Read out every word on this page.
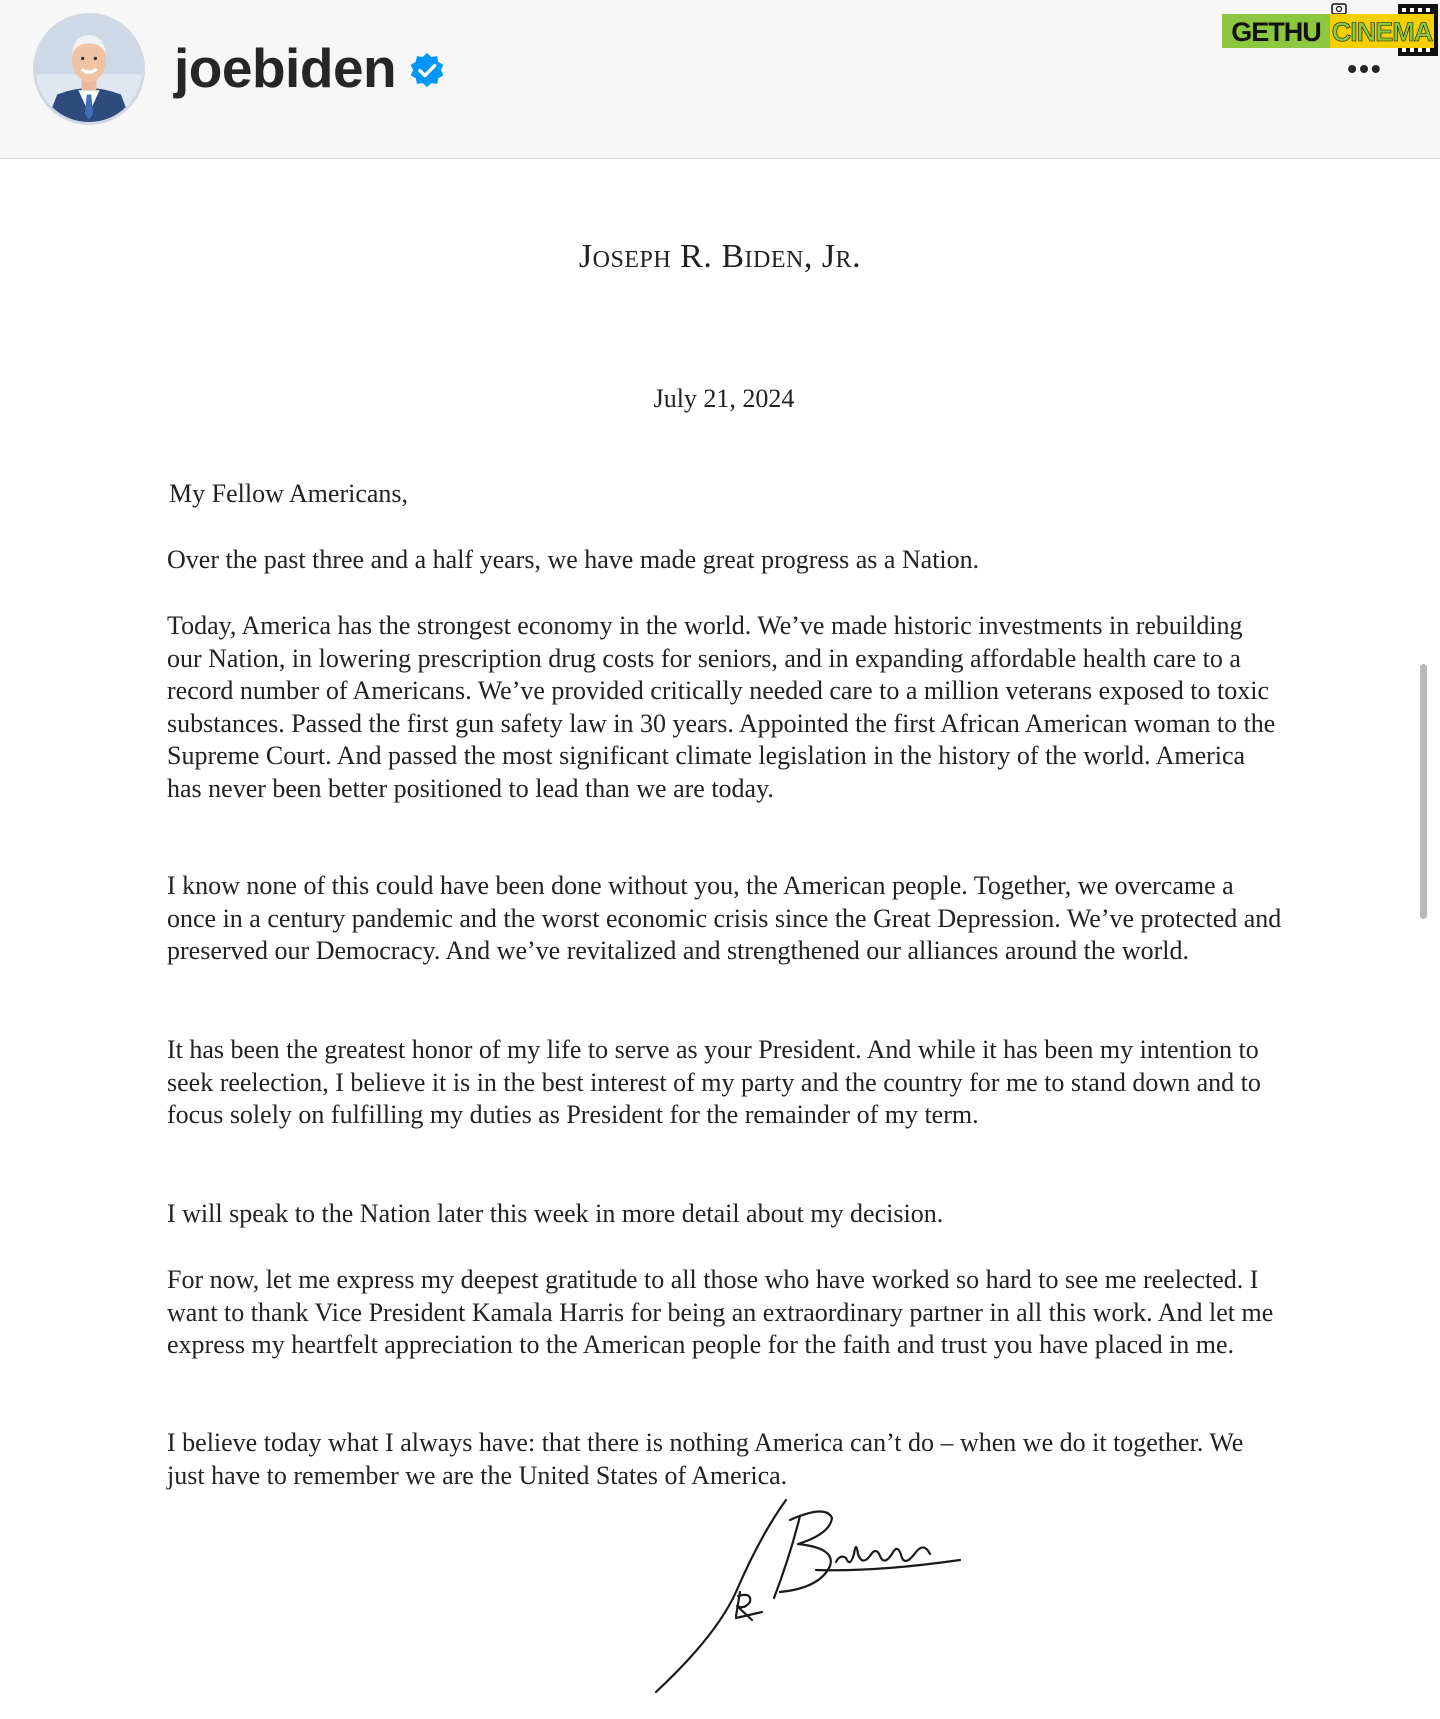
joebiden
GETHU CINEMA
•••
Joseph R. Biden, Jr.
July 21, 2024
My Fellow Americans,
Over the past three and a half years, we have made great progress as a Nation.
Today, America has the strongest economy in the world. We’ve made historic investments in rebuilding our Nation, in lowering prescription drug costs for seniors, and in expanding affordable health care to a record number of Americans. We’ve provided critically needed care to a million veterans exposed to toxic substances. Passed the first gun safety law in 30 years. Appointed the first African American woman to the Supreme Court. And passed the most significant climate legislation in the history of the world. America has never been better positioned to lead than we are today.
I know none of this could have been done without you, the American people. Together, we overcame a once in a century pandemic and the worst economic crisis since the Great Depression. We’ve protected and preserved our Democracy. And we’ve revitalized and strengthened our alliances around the world.
It has been the greatest honor of my life to serve as your President. And while it has been my intention to seek reelection, I believe it is in the best interest of my party and the country for me to stand down and to focus solely on fulfilling my duties as President for the remainder of my term.
I will speak to the Nation later this week in more detail about my decision.
For now, let me express my deepest gratitude to all those who have worked so hard to see me reelected. I want to thank Vice President Kamala Harris for being an extraordinary partner in all this work. And let me express my heartfelt appreciation to the American people for the faith and trust you have placed in me.
I believe today what I always have: that there is nothing America can’t do – when we do it together. We just have to remember we are the United States of America.
